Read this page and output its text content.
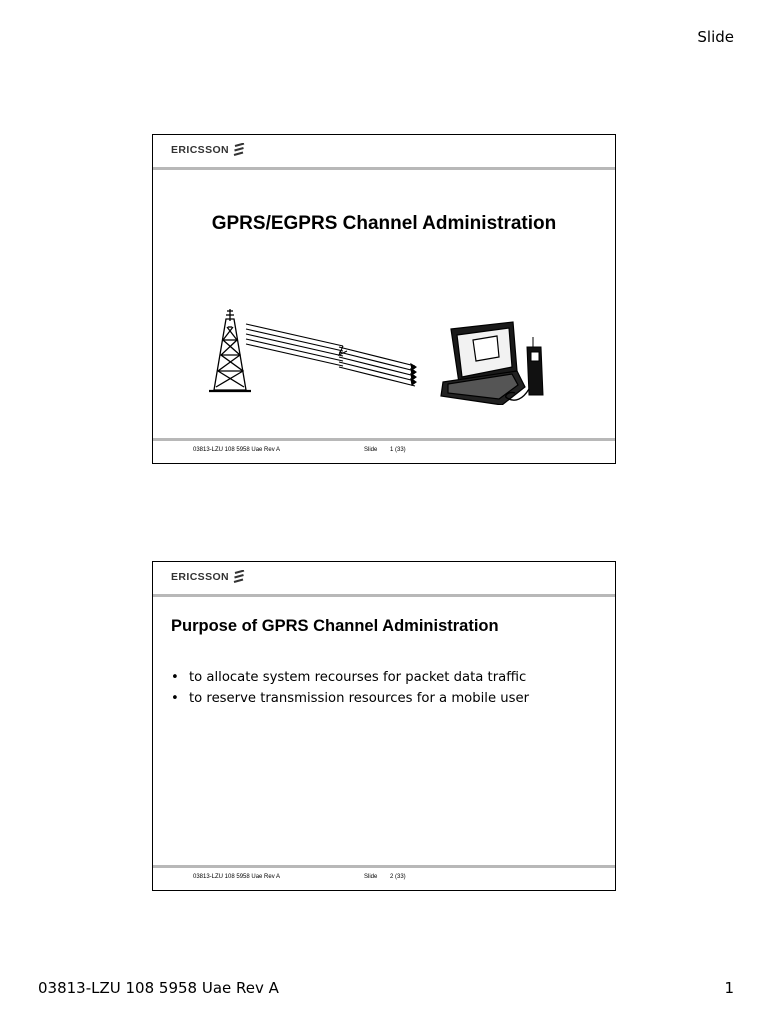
Slide
ERICSSON
GPRS/EGPRS Channel Administration
03813-LZU 108 5958 Uae Rev A	Slide 1 (33)
ERICSSON
Purpose of GPRS Channel Administration
• to allocate system recourses for packet data traffic
• to reserve transmission resources for a mobile user
03813-LZU 108 5958 Uae Rev A	Slide 2 (33)
03813-LZU 108 5958 Uae Rev A	1
